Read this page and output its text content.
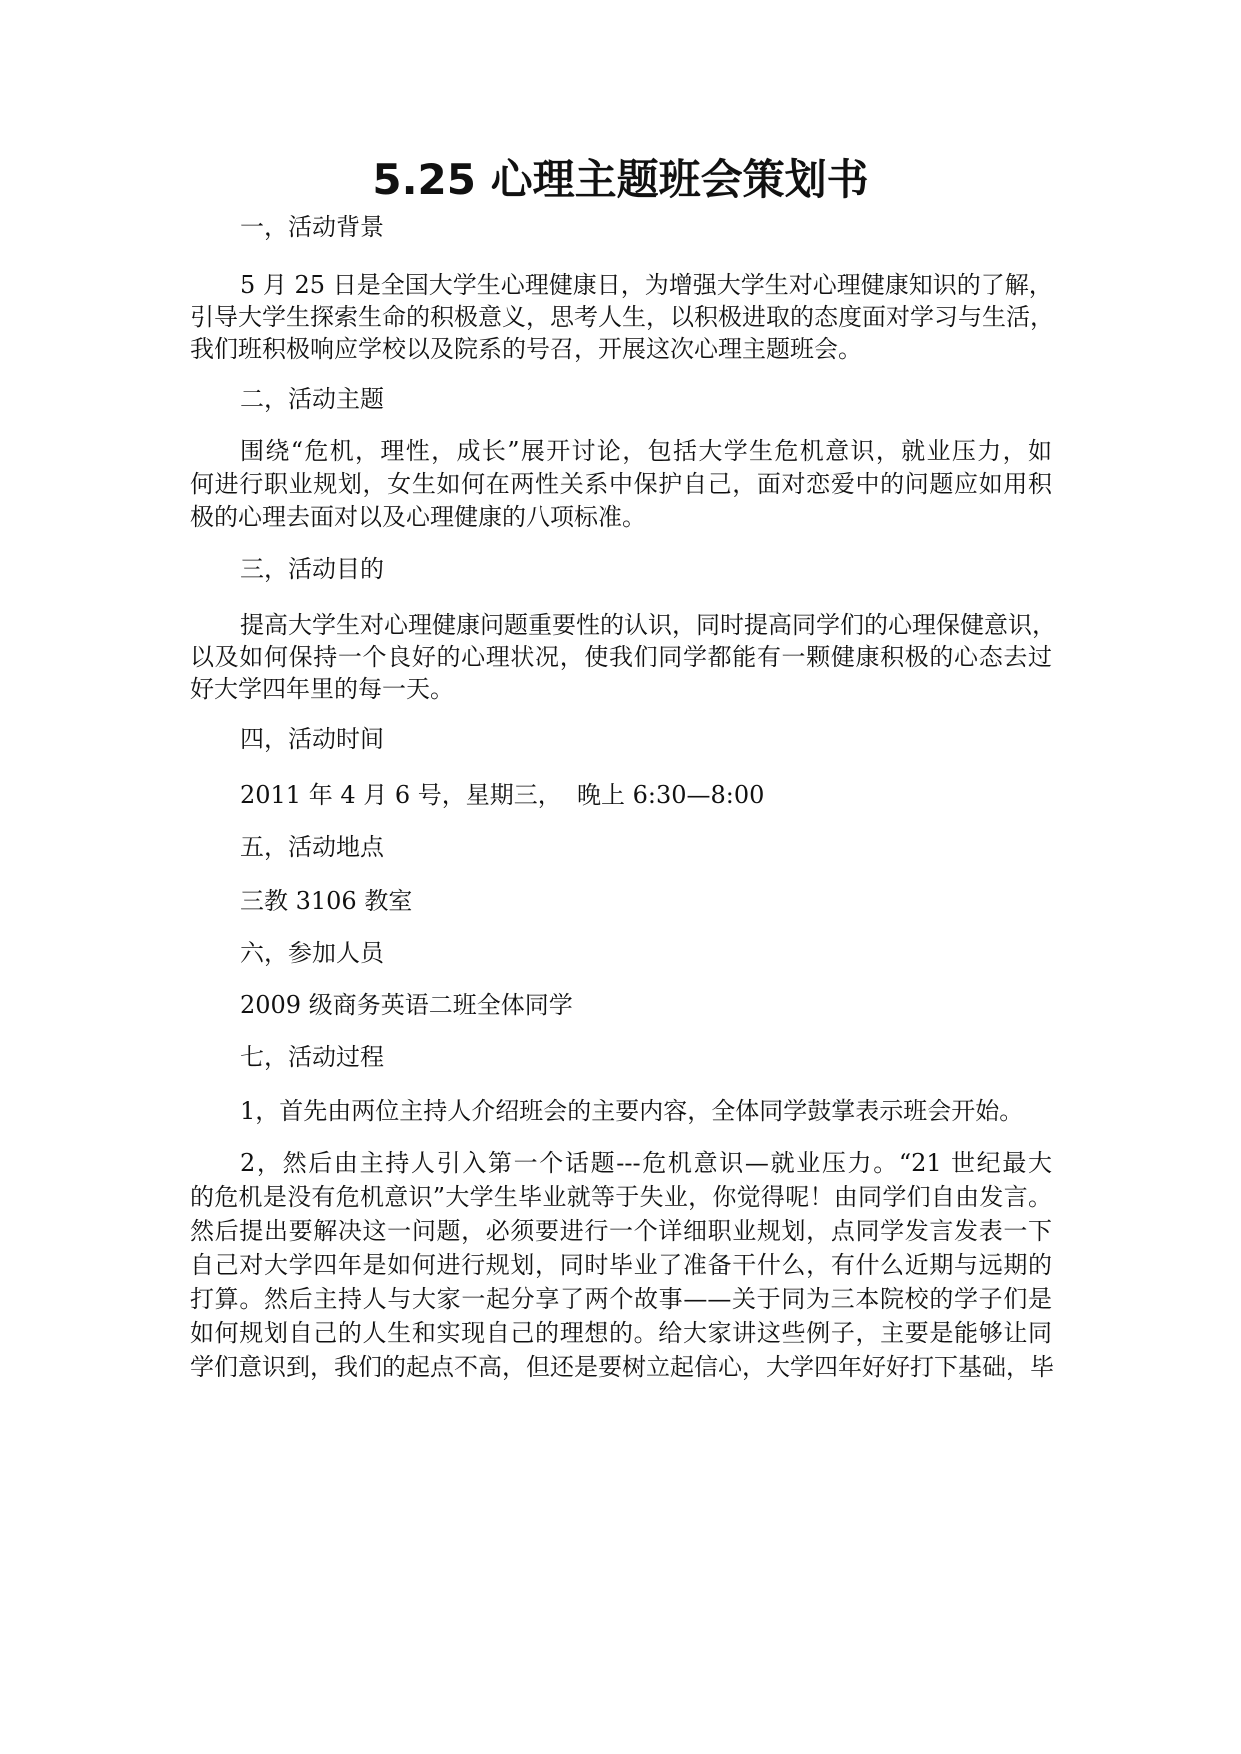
5.25 心理主题班会策划书
一，活动背景
5 月 25 日是全国大学生心理健康日，为增强大学生对心理健康知识的了解，
引导大学生探索生命的积极意义，思考人生，以积极进取的态度面对学习与生活，
我们班积极响应学校以及院系的号召，开展这次心理主题班会。
二，活动主题
围绕“危机，理性，成长”展开讨论，包括大学生危机意识，就业压力，如
何进行职业规划，女生如何在两性关系中保护自己，面对恋爱中的问题应如用积
极的心理去面对以及心理健康的八项标准。
三，活动目的
提高大学生对心理健康问题重要性的认识，同时提高同学们的心理保健意识，
以及如何保持一个良好的心理状况，使我们同学都能有一颗健康积极的心态去过
好大学四年里的每一天。
四，活动时间
2011 年 4 月 6 号，星期三，  晚上 6:30—8:00
五，活动地点
三教 3106 教室
六，参加人员
2009 级商务英语二班全体同学
七，活动过程
1，首先由两位主持人介绍班会的主要内容，全体同学鼓掌表示班会开始。
2，然后由主持人引入第一个话题---危机意识—就业压力。“21 世纪最大
的危机是没有危机意识”大学生毕业就等于失业，你觉得呢！由同学们自由发言。
然后提出要解决这一问题，必须要进行一个详细职业规划，点同学发言发表一下
自己对大学四年是如何进行规划，同时毕业了准备干什么，有什么近期与远期的
打算。然后主持人与大家一起分享了两个故事——关于同为三本院校的学子们是
如何规划自己的人生和实现自己的理想的。给大家讲这些例子，主要是能够让同
学们意识到，我们的起点不高，但还是要树立起信心，大学四年好好打下基础，毕
